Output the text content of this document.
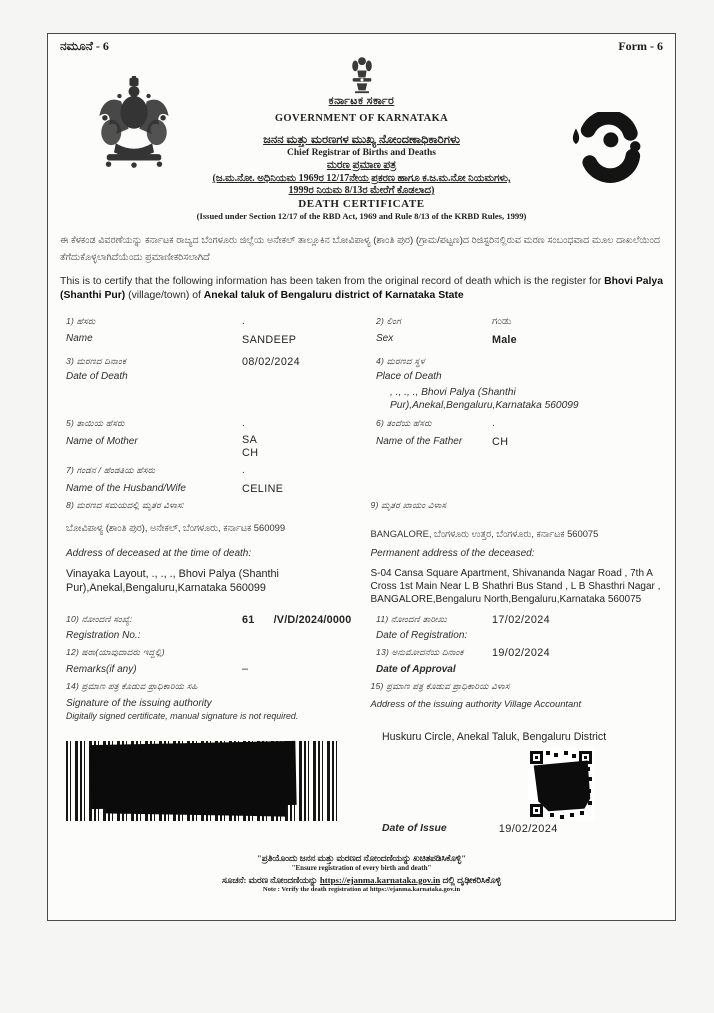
ನಮೂನೆ - 6	Form - 6
ಕರ್ನಾಟಕ ಸರ್ಕಾರ
GOVERNMENT OF KARNATAKA
ಜನನ ಮತ್ತು ಮರಣಗಳ ಮುಖ್ಯ ನೋಂದಣಾಧಿಕಾರಿಗಳು
Chief Registrar of Births and Deaths
ಮರಣ ಪ್ರಮಾಣ ಪತ್ರ
(ಜ.ಮ.ನೋ. ಅಧಿನಿಯಮ 1969ರ 12/17ನೇಯ ಪ್ರಕರಣ ಹಾಗೂ ಕ.ಜ.ಮ.ನೋ ನಿಯಮಗಳು,
1999ರ ನಿಯಮ 8/13ರ ಮೇರೆಗೆ ಕೊಡಲಾದ)
DEATH CERTIFICATE
(Issued under Section 12/17 of the RBD Act, 1969 and Rule 8/13 of the KRBD Rules, 1999)
ಈ ಕೆಳಕಂಡ ವಿವರಣೆಯನ್ನು ಕರ್ನಾಟಕ ರಾಜ್ಯದ ಬೆಂಗಳೂರು ಜಿಲ್ಲೆಯ ಅನೇಕಲ್ ತಾಲ್ಲೂಕಿನ ಬೋವಿಪಾಳ್ಯ (ಶಾಂತಿ ಪುರ) (ಗ್ರಾಮ/ಪಟ್ಟಣ)ದ ರಿಜಿಸ್ಟರಿನಲ್ಲಿರುವ ಮರಣ ಸಂಬಂಧವಾದ ಮೂಲ ದಾಖಲೆಯಿಂದ ತೆಗೆದುಕೊಳ್ಳಲಾಗಿದೆಯೆಂದು ಪ್ರಮಾಣೀಕರಿಸಲಾಗಿದೆ
This is to certify that the following information has been taken from the original record of death which is the register for Bhovi Palya (Shanthi Pur) (village/town) of Anekal taluk of Bengaluru district of Karnataka State
1) ಹೆಸರು
Name
.
SANDEEP
2) ಲಿಂಗ
Sex
ಗಂಡು
Male
3) ಮರಣದ ದಿನಾಂಕ
Date of Death
08/02/2024	4) ಮರಣದ ಸ್ಥಳ
Place of Death
, ., ., ., Bhovi Palya (Shanthi Pur),Anekal,Bengaluru,Karnataka 560099
5) ತಾಯಿಯ ಹೆಸರು
Name of Mother
.
SA
CH
6) ತಂದೆಯ ಹೆಸರು
Name of the Father
.
CH
7) ಗಂಡನ / ಹೆಂಡತಿಯ ಹೆಸರು
Name of the Husband/Wife
.
CELINE
8) ಮರಣದ ಸಮಯದಲ್ಲಿ ಮೃತರ ವಿಳಾಸ:
ಬೋವಿಪಾಳ್ಯ (ಶಾಂತಿ ಪುರ), ಅನೇಕಲ್, ಬೆಂಗಳೂರು, ಕರ್ನಾಟಕ 560099
Address of deceased at the time of death:
Vinayaka Layout, ., ., ., Bhovi Palya (Shanthi Pur),Anekal,Bengaluru,Karnataka 560099
9) ಮೃತರ ಖಾಯಂ ವಿಳಾಸ
BANGALORE, ಬೆಂಗಳೂರು ಉತ್ತರ, ಬೆಂಗಳೂರು, ಕರ್ನಾಟಕ 560075
Permanent address of the deceased:
S-04 Cansa Square Apartment, Shivananda Nagar Road , 7th A Cross 1st Main Near L B Shathri Bus Stand , L B Shasthri Nagar , BANGALORE,Bengaluru North,Bengaluru,Karnataka 560075
10) ನೋಂದಣಿ ಸಂಖ್ಯೆ:
Registration No.:
61      /V/D/2024/0000	11) ನೋಂದಣಿ ತಾರೀಖು
Date of Registration:
17/02/2024
12) ಷರಾ(ಯಾವುದಾದರು ಇದ್ದಲ್ಲಿ)
Remarks(if any)	–
13) ಅನುಮೋದನೆಯ ದಿನಾಂಕ
Date of Approval
19/02/2024
14) ಪ್ರಮಾಣ ಪತ್ರ ಕೊಡುವ ಪ್ರಾಧಿಕಾರಿಯ ಸಹಿ
Signature of the issuing authority
Digitally signed certificate, manual signature is not required.
15) ಪ್ರಮಾಣ ಪತ್ರ ಕೊಡುವ ಪ್ರಾಧಿಕಾರಿಯ ವಿಳಾಸ
Address of the issuing authority Village Accountant
Huskuru Circle, Anekal Taluk, Bengaluru District
Date of Issue	19/02/2024
"ಪ್ರತಿಯೊಂದು ಜನನ ಮತ್ತು ಮರಣದ ನೋಂದಣಿಯನ್ನು ಖಚಿತಪಡಿಸಿಕೊಳ್ಳಿ"
"Ensure registration of every birth and death"
ಸೂಚನೆ: ಮರಣ ನೋಂದಣಿಯನ್ನು https://ejanma.karnataka.gov.in ದಲ್ಲಿ ದೃಢೀಕರಿಸಿಕೊಳ್ಳಿ
Note : Verify the death registration at https://ejanma.karnataka.gov.in
